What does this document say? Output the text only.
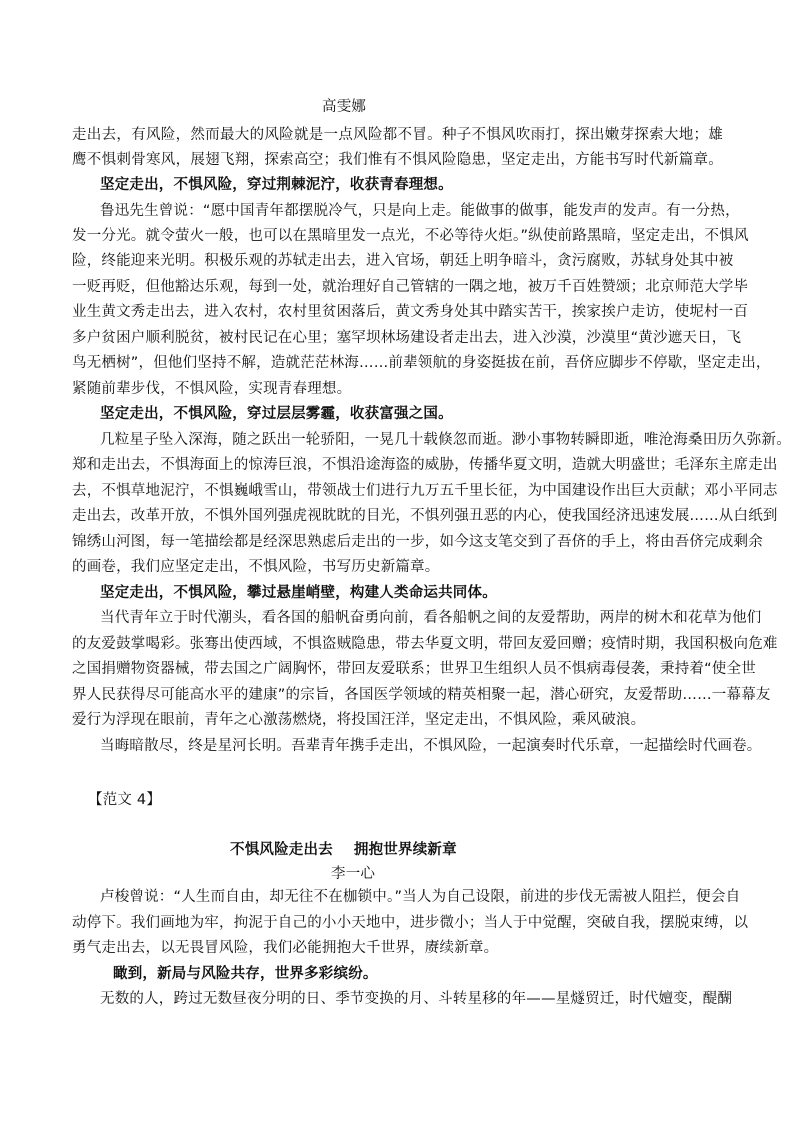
高雯娜
走出去，有风险，然而最大的风险就是一点风险都不冒。种子不惧风吹雨打，探出嫩芽探索大地；雄
鹰不惧刺骨寒风，展翅飞翔，探索高空；我们惟有不惧风险隐患，坚定走出，方能书写时代新篇章。
坚定走出，不惧风险，穿过荆棘泥泞，收获青春理想。
鲁迅先生曾说：“愿中国青年都摆脱冷气，只是向上走。能做事的做事，能发声的发声。有一分热，
发一分光。就令萤火一般，也可以在黑暗里发一点光，不必等待火炬。”纵使前路黑暗，坚定走出，不惧风
险，终能迎来光明。积极乐观的苏轼走出去，进入官场，朝廷上明争暗斗，贪污腐败，苏轼身处其中被
一贬再贬，但他豁达乐观，每到一处，就治理好自己管辖的一隅之地，被万千百姓赞颂；北京师范大学毕
业生黄文秀走出去，进入农村，农村里贫困落后，黄文秀身处其中踏实苦干，挨家挨户走访，使坭村一百
多户贫困户顺利脱贫，被村民记在心里；塞罕坝林场建设者走出去，进入沙漠，沙漠里“黄沙遮天日，飞
鸟无栖树”，但他们坚持不解，造就茫茫林海……前辈领航的身姿挺拔在前，吾侪应脚步不停歇，坚定走出，
紧随前辈步伐，不惧风险，实现青春理想。
坚定走出，不惧风险，穿过层层雾霾，收获富强之国。
几粒星子坠入深海，随之跃出一轮骄阳，一晃几十载倏忽而逝。渺小事物转瞬即逝，唯沧海桑田历久弥新。
郑和走出去，不惧海面上的惊涛巨浪，不惧沿途海盗的威胁，传播华夏文明，造就大明盛世；毛泽东主席走出
去，不惧草地泥泞，不惧巍峨雪山，带领战士们进行九万五千里长征，为中国建设作出巨大贡献；邓小平同志
走出去，改革开放，不惧外国列强虎视眈眈的目光，不惧列强丑恶的内心，使我国经济迅速发展……从白纸到
锦绣山河图，每一笔描绘都是经深思熟虑后走出的一步，如今这支笔交到了吾侪的手上，将由吾侪完成剩余
的画卷，我们应坚定走出，不惧风险，书写历史新篇章。
坚定走出，不惧风险，攀过悬崖峭壁，构建人类命运共同体。
当代青年立于时代潮头，看各国的船帆奋勇向前，看各船帆之间的友爱帮助，两岸的树木和花草为他们
的友爱鼓掌喝彩。张骞出使西域，不惧盗贼隐患，带去华夏文明，带回友爱回赠；疫情时期，我国积极向危难
之国捐赠物资器械，带去国之广阔胸怀，带回友爱联系；世界卫生组织人员不惧病毒侵袭，秉持着“使全世
界人民获得尽可能高水平的建康”的宗旨，各国医学领域的精英相聚一起，潜心研究，友爱帮助……一幕幕友
爱行为浮现在眼前，青年之心激荡燃烧，将投国汪洋，坚定走出，不惧风险，乘风破浪。
当晦暗散尽，终是星河长明。吾辈青年携手走出，不惧风险，一起演奏时代乐章，一起描绘时代画卷。
【范文 4】
不惧风险走出去    拥抱世界续新章
李一心
卢梭曾说：“人生而自由，却无往不在枷锁中。”当人为自己设限，前进的步伐无需被人阻拦，便会自
动停下。我们画地为牢，拘泥于自己的小小天地中，进步微小；当人于中觉醒，突破自我，摆脱束缚，以
勇气走出去，以无畏冒风险，我们必能拥抱大千世界，赓续新章。
瞰到，新局与风险共存，世界多彩缤纷。
无数的人，跨过无数昼夜分明的日、季节变换的月、斗转星移的年——星燧贸迁，时代嬗变，醍醐
